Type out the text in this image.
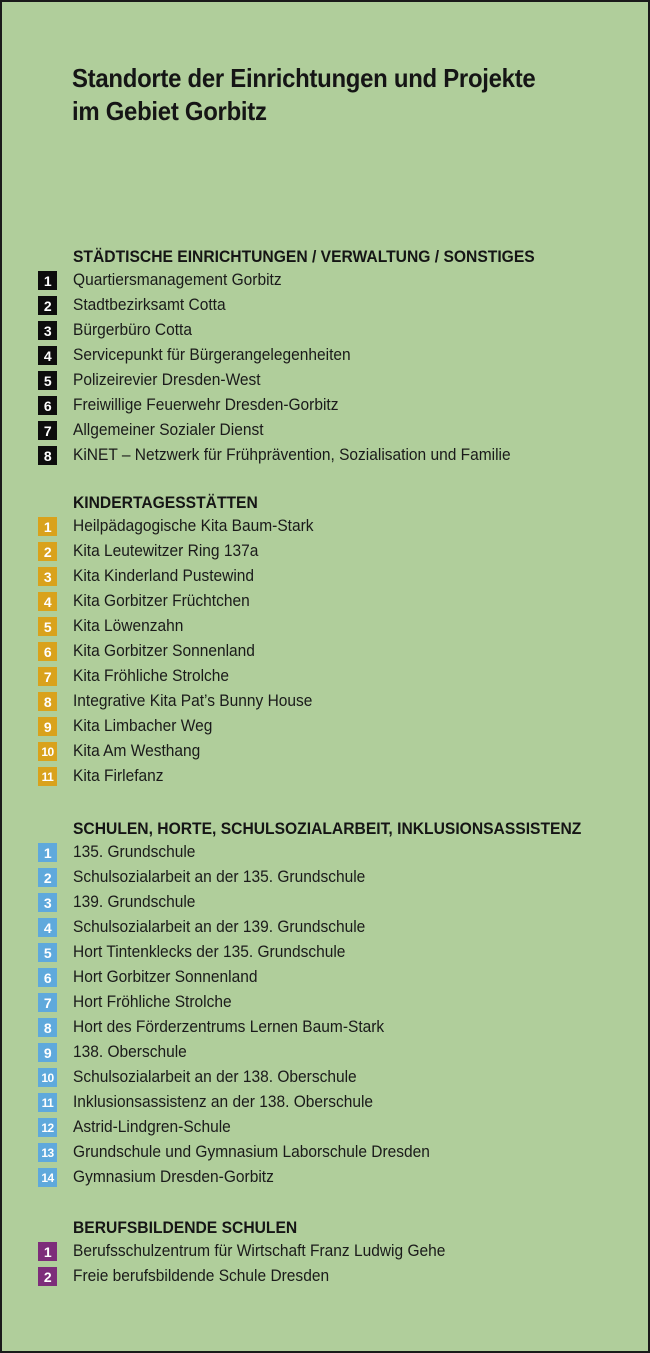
Standorte der Einrichtungen und Projekte
im Gebiet Gorbitz
STÄDTISCHE EINRICHTUNGEN / VERWALTUNG / SONSTIGES
1	Quartiersmanagement Gorbitz
2	Stadtbezirksamt Cotta
3	Bürgerbüro Cotta
4	Servicepunkt für Bürgerangelegenheiten
5	Polizeirevier Dresden-West
6	Freiwillige Feuerwehr Dresden-Gorbitz
7	Allgemeiner Sozialer Dienst
8	KiNET – Netzwerk für Frühprävention, Sozialisation und Familie
KINDERTAGESSTÄTTEN
1	Heilpädagogische Kita Baum-Stark
2	Kita Leutewitzer Ring 137a
3	Kita Kinderland Pustewind
4	Kita Gorbitzer Früchtchen
5	Kita Löwenzahn
6	Kita Gorbitzer Sonnenland
7	Kita Fröhliche Strolche
8	Integrative Kita Pat’s Bunny House
9	Kita Limbacher Weg
10 Kita Am Westhang
11 Kita Firlefanz
SCHULEN, HORTE, SCHULSOZIALARBEIT, INKLUSIONSASSISTENZ
1	135. Grundschule
2	Schulsozialarbeit an der 135. Grundschule
3	139. Grundschule
4	Schulsozialarbeit an der 139. Grundschule
5	Hort Tintenklecks der 135. Grundschule
6	Hort Gorbitzer Sonnenland
7	Hort Fröhliche Strolche
8	Hort des Förderzentrums Lernen Baum-Stark
9	138. Oberschule
10 Schulsozialarbeit an der 138. Oberschule
11 Inklusionsassistenz an der 138. Oberschule
12 Astrid-Lindgren-Schule
13 Grundschule und Gymnasium Laborschule Dresden
14 Gymnasium Dresden-Gorbitz
BERUFSBILDENDE SCHULEN
1	Berufsschulzentrum für Wirtschaft Franz Ludwig Gehe
2	Freie berufsbildende Schule Dresden
